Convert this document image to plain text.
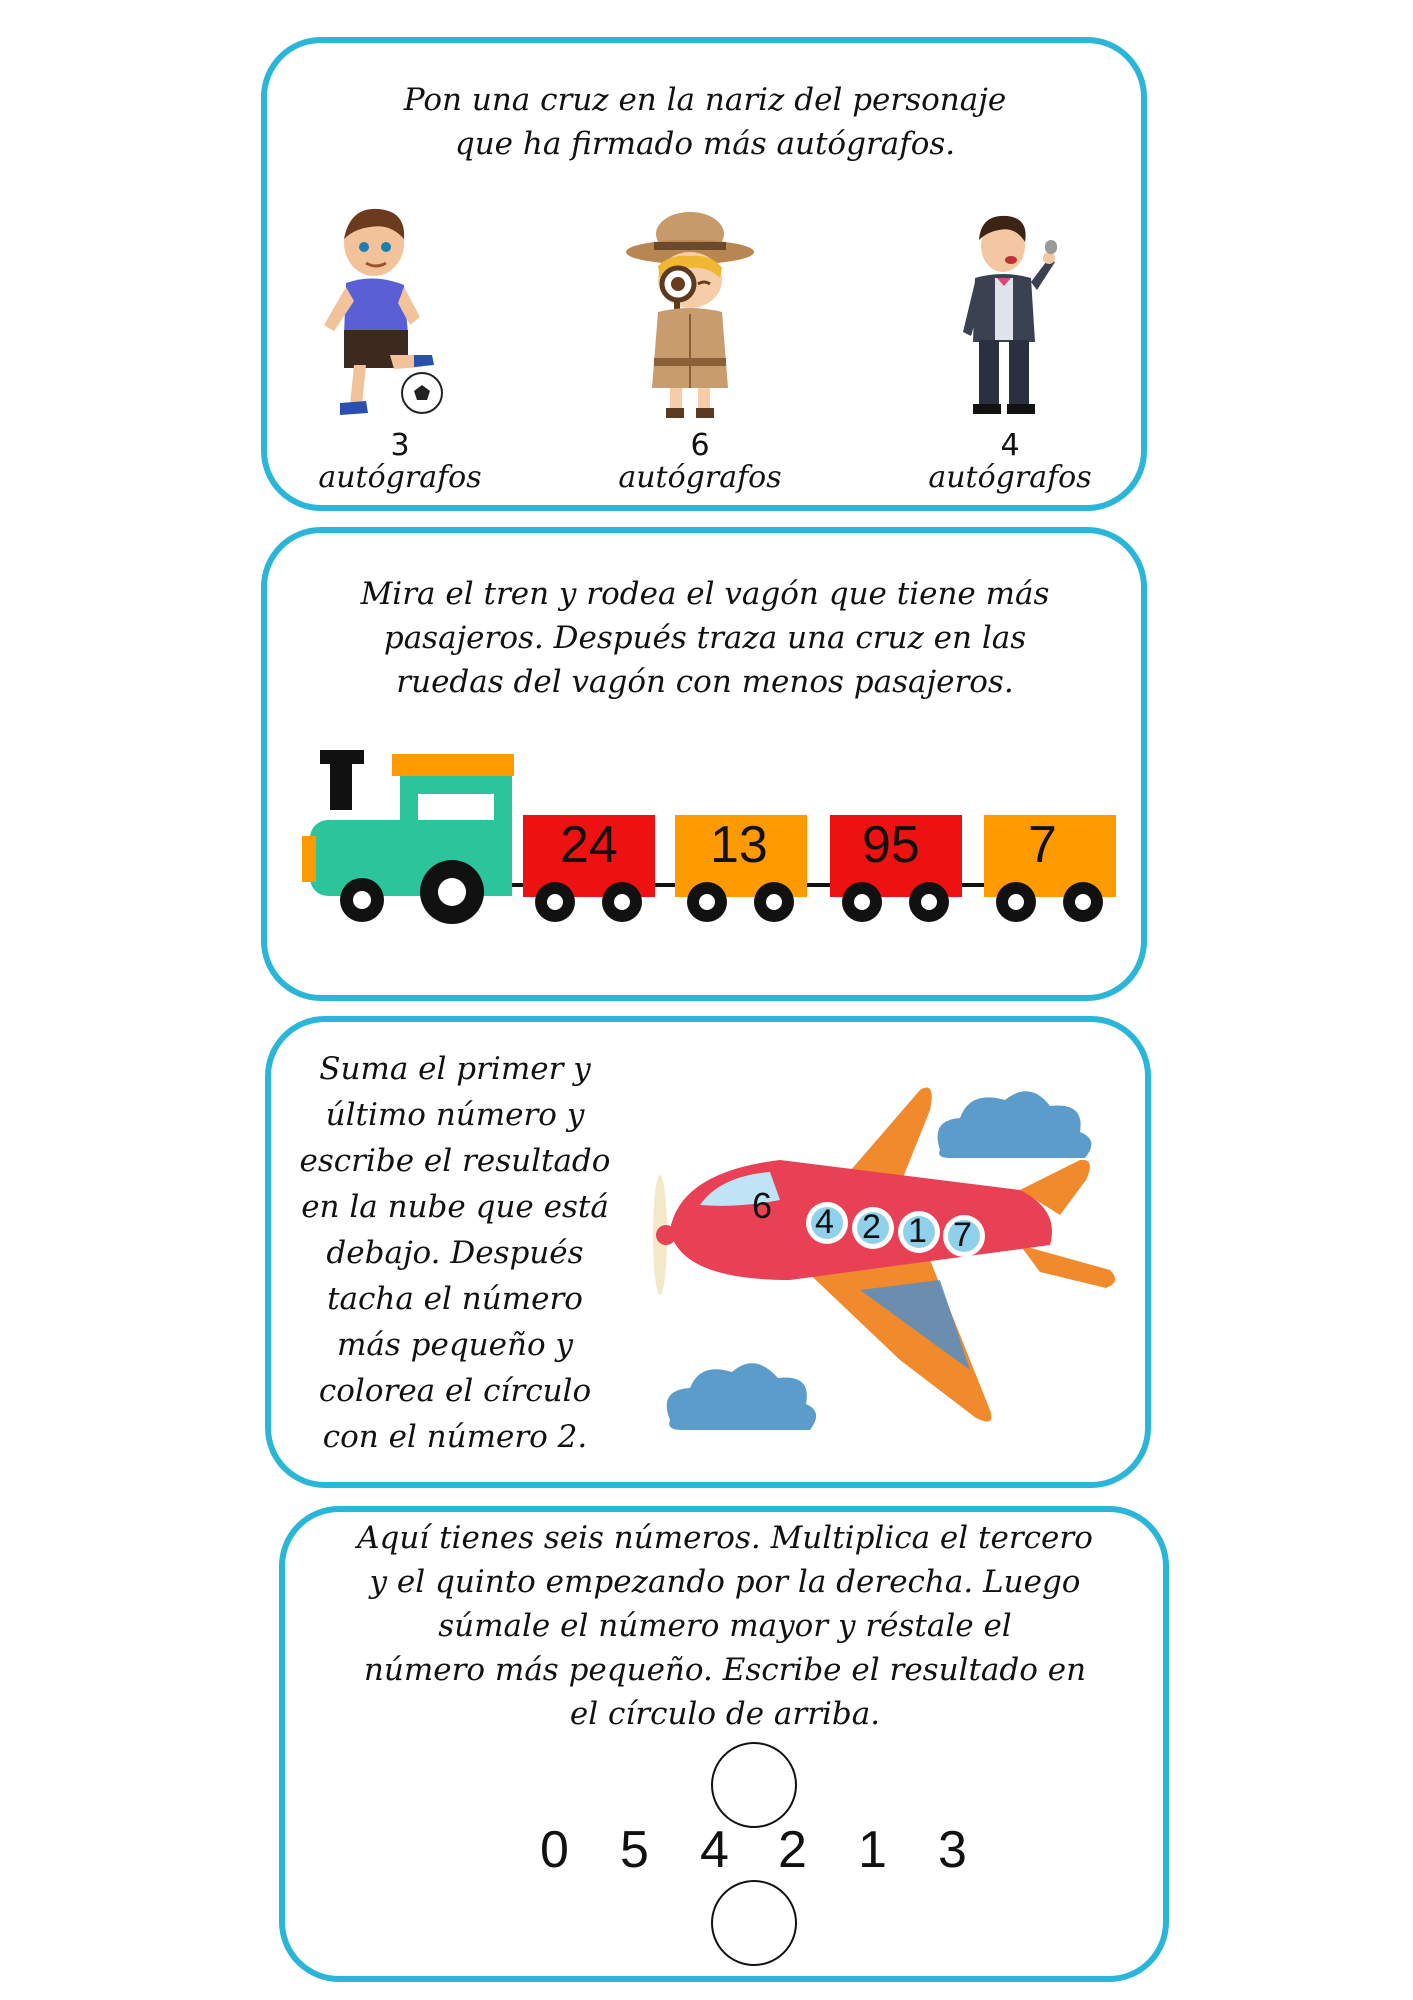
Pon una cruz en la nariz del personaje
que ha firmado más autógrafos.
3
autógrafos
6
autógrafos
4
autógrafos
Mira el tren y rodea el vagón que tiene más
pasajeros. Después traza una cruz en las
ruedas del vagón con menos pasajeros.
24 13 95 7
Suma el primer y
último número y
escribe el resultado
en la nube que está
debajo. Después
tacha el número
más pequeño y
colorea el círculo
con el número 2.
6 4 2 1 7
Aquí tienes seis números. Multiplica el tercero
y el quinto empezando por la derecha. Luego
súmale el número mayor y réstale el
número más pequeño. Escribe el resultado en
el círculo de arriba.
0 5 4 2 1 3
